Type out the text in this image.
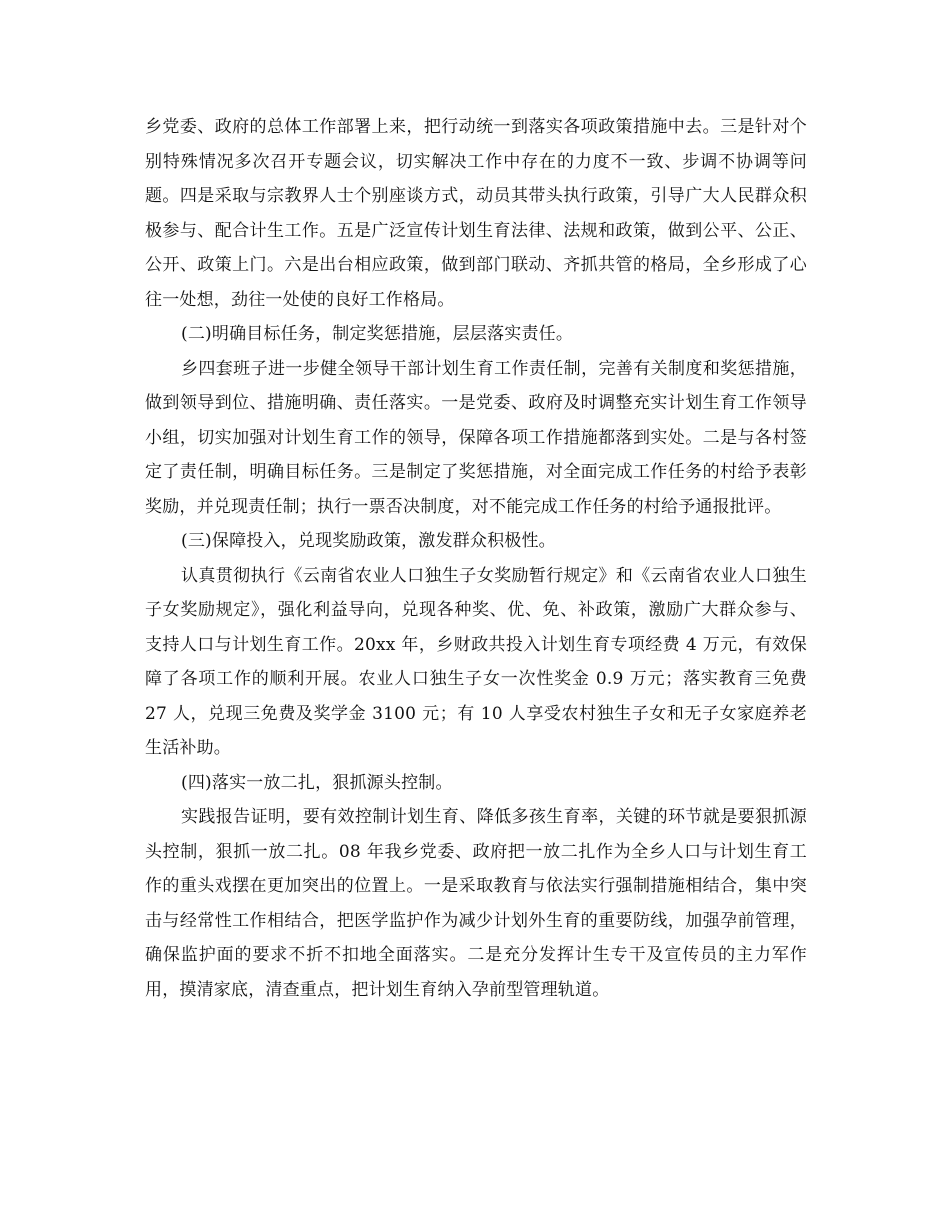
乡党委、政府的总体工作部署上来，把行动统一到落实各项政策措施中去。三是针对个别特殊情况多次召开专题会议，切实解决工作中存在的力度不一致、步调不协调等问题。四是采取与宗教界人士个别座谈方式，动员其带头执行政策，引导广大人民群众积极参与、配合计生工作。五是广泛宣传计划生育法律、法规和政策，做到公平、公正、公开、政策上门。六是出台相应政策，做到部门联动、齐抓共管的格局，全乡形成了心往一处想，劲往一处使的良好工作格局。

(二)明确目标任务，制定奖惩措施，层层落实责任。

乡四套班子进一步健全领导干部计划生育工作责任制，完善有关制度和奖惩措施，做到领导到位、措施明确、责任落实。一是党委、政府及时调整充实计划生育工作领导小组，切实加强对计划生育工作的领导，保障各项工作措施都落到实处。二是与各村签定了责任制，明确目标任务。三是制定了奖惩措施，对全面完成工作任务的村给予表彰奖励，并兑现责任制；执行一票否决制度，对不能完成工作任务的村给予通报批评。

(三)保障投入，兑现奖励政策，激发群众积极性。

认真贯彻执行《云南省农业人口独生子女奖励暂行规定》和《云南省农业人口独生子女奖励规定》，强化利益导向，兑现各种奖、优、免、补政策，激励广大群众参与、支持人口与计划生育工作。20xx 年，乡财政共投入计划生育专项经费 4 万元，有效保障了各项工作的顺利开展。农业人口独生子女一次性奖金 0.9 万元；落实教育三免费 27 人，兑现三免费及奖学金 3100 元；有 10 人享受农村独生子女和无子女家庭养老生活补助。

(四)落实一放二扎，狠抓源头控制。

实践报告证明，要有效控制计划生育、降低多孩生育率，关键的环节就是要狠抓源头控制，狠抓一放二扎。08 年我乡党委、政府把一放二扎作为全乡人口与计划生育工作的重头戏摆在更加突出的位置上。一是采取教育与依法实行强制措施相结合，集中突击与经常性工作相结合，把医学监护作为减少计划外生育的重要防线，加强孕前管理，确保监护面的要求不折不扣地全面落实。二是充分发挥计生专干及宣传员的主力军作用，摸清家底，清查重点，把计划生育纳入孕前型管理轨道。
